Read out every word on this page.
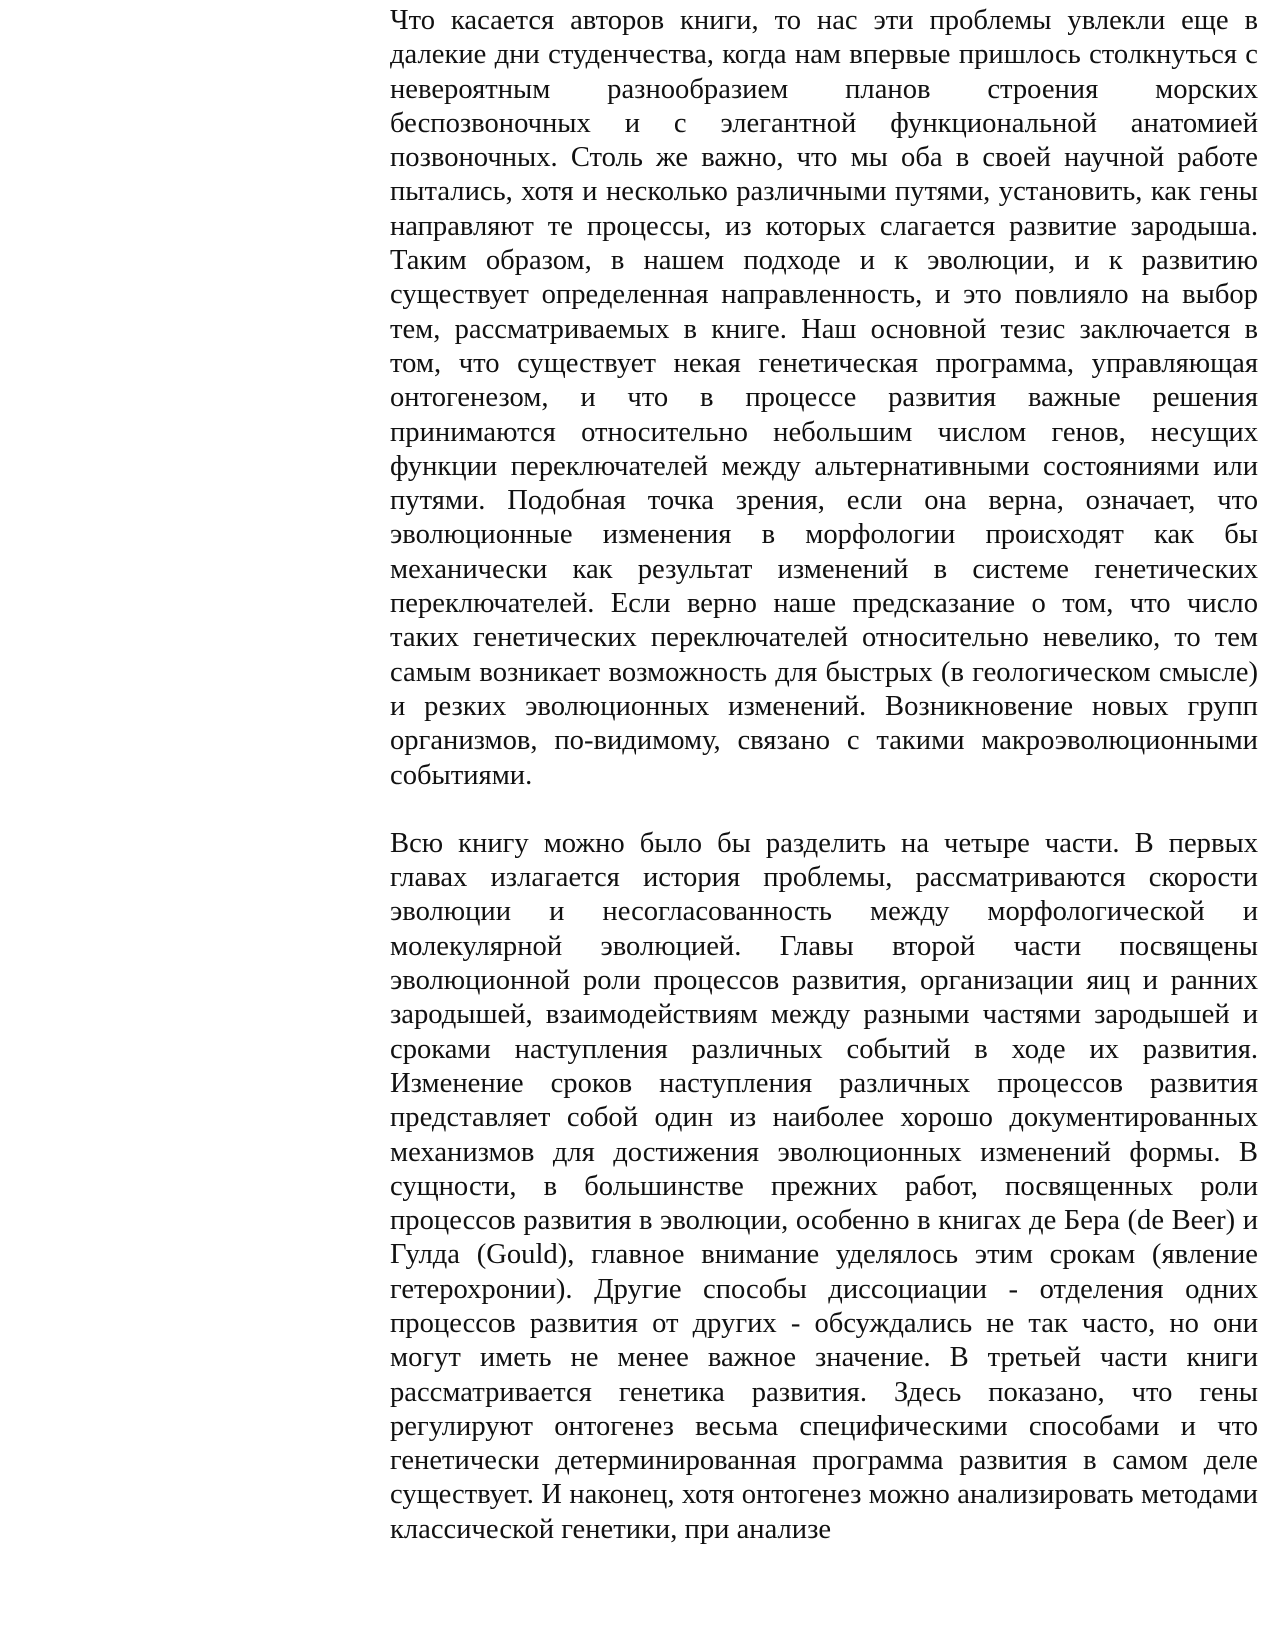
Что касается авторов книги, то нас эти проблемы увлекли еще в далекие дни студенчества, когда нам впервые пришлось столкнуться с невероятным разнообразием планов строения морских беспозвоночных и с элегантной функциональной анатомией позвоночных. Столь же важно, что мы оба в своей научной работе пытались, хотя и несколько различными путями, установить, как гены направляют те процессы, из которых слагается развитие зародыша. Таким образом, в нашем подходе и к эволюции, и к развитию существует определенная направленность, и это повлияло на выбор тем, рассматриваемых в книге. Наш основной тезис заключается в том, что существует некая генетическая программа, управляющая онтогенезом, и что в процессе развития важные решения принимаются относительно небольшим числом генов, несущих функции переключателей между альтернативными состояниями или путями. Подобная точка зрения, если она верна, означает, что эволюционные изменения в морфологии происходят как бы механически как результат изменений в системе генетических переключателей. Если верно наше предсказание о том, что число таких генетических переключателей относительно невелико, то тем самым возникает возможность для быстрых (в геологическом смысле) и резких эволюционных изменений. Возникновение новых групп организмов, по-видимому, связано с такими макроэволюционными событиями.

Всю книгу можно было бы разделить на четыре части. В первых главах излагается история проблемы, рассматриваются скорости эволюции и несогласованность между морфологической и молекулярной эволюцией. Главы второй части посвящены эволюционной роли процессов развития, организации яиц и ранних зародышей, взаимодействиям между разными частями зародышей и сроками наступления различных событий в ходе их развития. Изменение сроков наступления различных процессов развития представляет собой один из наиболее хорошо документированных механизмов для достижения эволюционных изменений формы. В сущности, в большинстве прежних работ, посвященных роли процессов развития в эволюции, особенно в книгах де Бера (de Beer) и Гулда (Gould), главное внимание уделялось этим срокам (явление гетерохронии). Другие способы диссоциации - отделения одних процессов развития от других - обсуждались не так часто, но они могут иметь не менее важное значение. В третьей части книги рассматривается генетика развития. Здесь показано, что гены регулируют онтогенез весьма специфическими способами и что генетически детерминированная программа развития в самом деле существует. И наконец, хотя онтогенез можно анализировать методами классической генетики, при анализе
